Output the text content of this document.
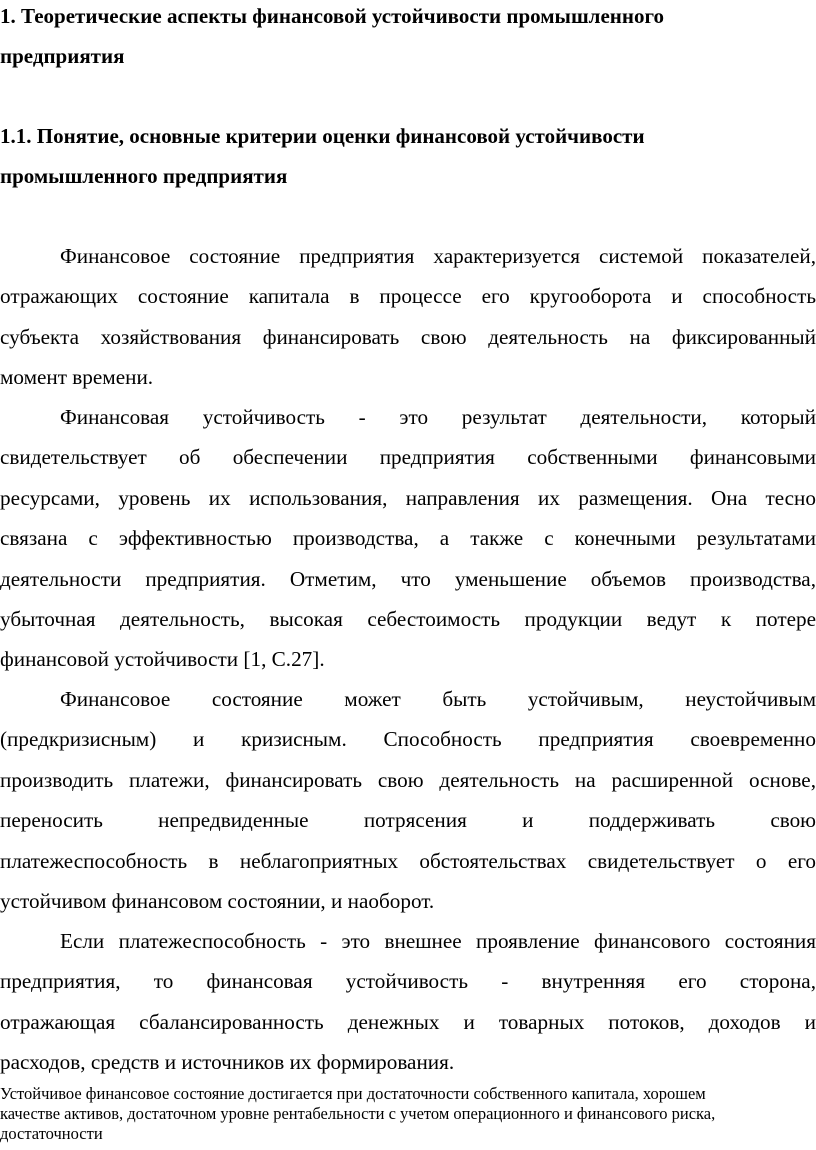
1. Теоретические аспекты финансовой устойчивости промышленного
предприятия
1.1. Понятие, основные критерии оценки финансовой устойчивости
промышленного предприятия
Финансовое состояние предприятия характеризуется системой показателей,
отражающих состояние капитала в процессе его кругооборота и способность
субъекта хозяйствования финансировать свою деятельность на фиксированный
момент времени.
Финансовая устойчивость - это результат деятельности, который
свидетельствует об обеспечении предприятия собственными финансовыми
ресурсами, уровень их использования, направления их размещения. Она тесно
связана с эффективностью производства, а также с конечными результатами
деятельности предприятия. Отметим, что уменьшение объемов производства,
убыточная деятельность, высокая себестоимость продукции ведут к потере
финансовой устойчивости [1, С.27].
Финансовое состояние может быть устойчивым, неустойчивым
(предкризисным) и кризисным. Способность предприятия своевременно
производить платежи, финансировать свою деятельность на расширенной основе,
переносить непредвиденные потрясения и поддерживать свою
платежеспособность в неблагоприятных обстоятельствах свидетельствует о его
устойчивом финансовом состоянии, и наоборот.
Если платежеспособность - это внешнее проявление финансового состояния
предприятия, то финансовая устойчивость - внутренняя его сторона,
отражающая сбалансированность денежных и товарных потоков, доходов и
расходов, средств и источников их формирования.
Устойчивое финансовое состояние достигается при достаточности собственного капитала, хорошем
качестве активов, достаточном уровне рентабельности с учетом операционного и финансового риска,
достаточности
